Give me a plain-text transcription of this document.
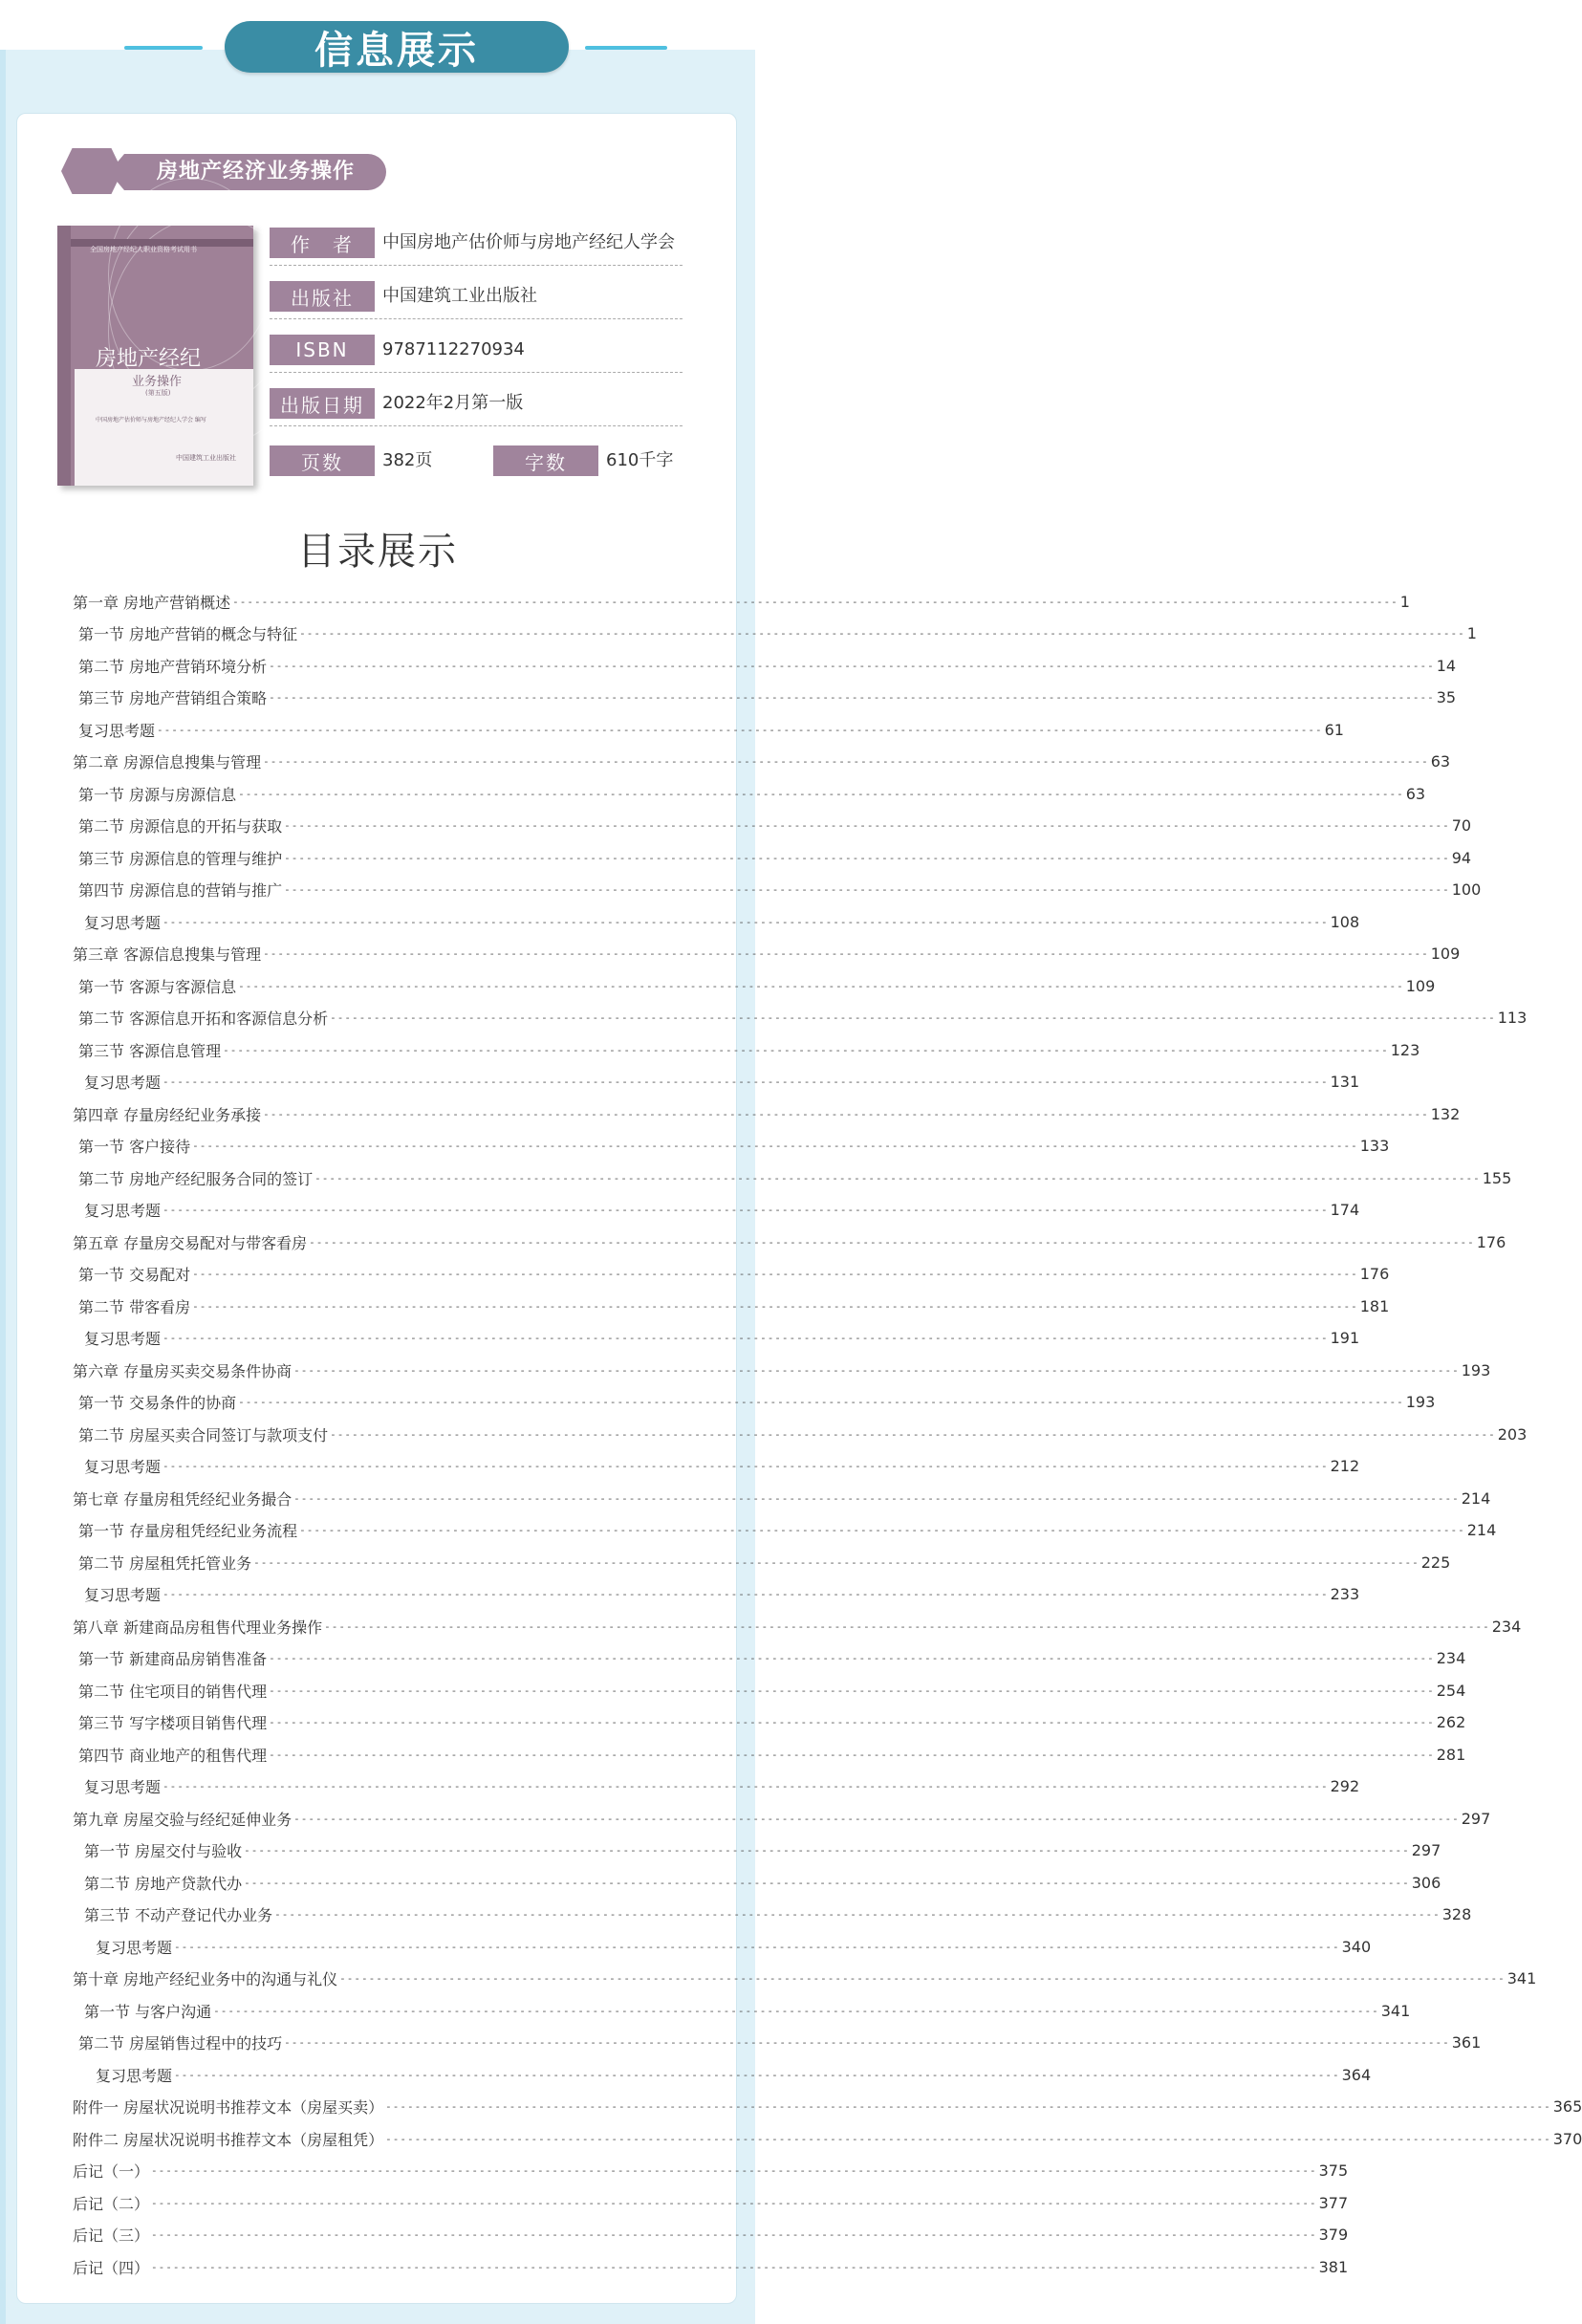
信息展示
房地产经济业务操作
全国房地产经纪人职业资格考试用书
房地产经纪
业务操作
(第五版)
中国房地产估价师与房地产经纪人学会 编写
中国建筑工业出版社
作　者	中国房地产估价师与房地产经纪人学会
出版社	中国建筑工业出版社
ISBN	9787112270934
出版日期	2022年2月第一版
页数	382页	字数	610千字
目录展示
第一章 房地产营销概述 ---------------------------------------------------------------------------------------------------------------------------------------------------------------- 1
第一节 房地产营销的概念与特征 ---------------------------------------------------------------------------------------------------------------------------------------------------------------- 1
第二节 房地产营销环境分析 ---------------------------------------------------------------------------------------------------------------------------------------------------------------- 14
第三节 房地产营销组合策略 ---------------------------------------------------------------------------------------------------------------------------------------------------------------- 35
复习思考题 ---------------------------------------------------------------------------------------------------------------------------------------------------------------- 61
第二章 房源信息搜集与管理 ---------------------------------------------------------------------------------------------------------------------------------------------------------------- 63
第一节 房源与房源信息 ---------------------------------------------------------------------------------------------------------------------------------------------------------------- 63
第二节 房源信息的开拓与获取 ---------------------------------------------------------------------------------------------------------------------------------------------------------------- 70
第三节 房源信息的管理与维护 ---------------------------------------------------------------------------------------------------------------------------------------------------------------- 94
第四节 房源信息的营销与推广 ---------------------------------------------------------------------------------------------------------------------------------------------------------------- 100
复习思考题 ---------------------------------------------------------------------------------------------------------------------------------------------------------------- 108
第三章 客源信息搜集与管理 ---------------------------------------------------------------------------------------------------------------------------------------------------------------- 109
第一节 客源与客源信息 ---------------------------------------------------------------------------------------------------------------------------------------------------------------- 109
第二节 客源信息开拓和客源信息分析 ---------------------------------------------------------------------------------------------------------------------------------------------------------------- 113
第三节 客源信息管理 ---------------------------------------------------------------------------------------------------------------------------------------------------------------- 123
复习思考题 ---------------------------------------------------------------------------------------------------------------------------------------------------------------- 131
第四章 存量房经纪业务承接 ---------------------------------------------------------------------------------------------------------------------------------------------------------------- 132
第一节 客户接待 ---------------------------------------------------------------------------------------------------------------------------------------------------------------- 133
第二节 房地产经纪服务合同的签订 ---------------------------------------------------------------------------------------------------------------------------------------------------------------- 155
复习思考题 ---------------------------------------------------------------------------------------------------------------------------------------------------------------- 174
第五章 存量房交易配对与带客看房 ---------------------------------------------------------------------------------------------------------------------------------------------------------------- 176
第一节 交易配对 ---------------------------------------------------------------------------------------------------------------------------------------------------------------- 176
第二节 带客看房 ---------------------------------------------------------------------------------------------------------------------------------------------------------------- 181
复习思考题 ---------------------------------------------------------------------------------------------------------------------------------------------------------------- 191
第六章 存量房买卖交易条件协商 ---------------------------------------------------------------------------------------------------------------------------------------------------------------- 193
第一节 交易条件的协商 ---------------------------------------------------------------------------------------------------------------------------------------------------------------- 193
第二节 房屋买卖合同签订与款项支付 ---------------------------------------------------------------------------------------------------------------------------------------------------------------- 203
复习思考题 ---------------------------------------------------------------------------------------------------------------------------------------------------------------- 212
第七章 存量房租凭经纪业务撮合 ---------------------------------------------------------------------------------------------------------------------------------------------------------------- 214
第一节 存量房租凭经纪业务流程 ---------------------------------------------------------------------------------------------------------------------------------------------------------------- 214
第二节 房屋租凭托管业务 ---------------------------------------------------------------------------------------------------------------------------------------------------------------- 225
复习思考题 ---------------------------------------------------------------------------------------------------------------------------------------------------------------- 233
第八章 新建商品房租售代理业务操作 ---------------------------------------------------------------------------------------------------------------------------------------------------------------- 234
第一节 新建商品房销售准备 ---------------------------------------------------------------------------------------------------------------------------------------------------------------- 234
第二节 住宅项目的销售代理 ---------------------------------------------------------------------------------------------------------------------------------------------------------------- 254
第三节 写字楼项目销售代理 ---------------------------------------------------------------------------------------------------------------------------------------------------------------- 262
第四节 商业地产的租售代理 ---------------------------------------------------------------------------------------------------------------------------------------------------------------- 281
复习思考题 ---------------------------------------------------------------------------------------------------------------------------------------------------------------- 292
第九章 房屋交验与经纪延伸业务 ---------------------------------------------------------------------------------------------------------------------------------------------------------------- 297
第一节 房屋交付与验收 ---------------------------------------------------------------------------------------------------------------------------------------------------------------- 297
第二节 房地产贷款代办 ---------------------------------------------------------------------------------------------------------------------------------------------------------------- 306
第三节 不动产登记代办业务 ---------------------------------------------------------------------------------------------------------------------------------------------------------------- 328
复习思考题 ---------------------------------------------------------------------------------------------------------------------------------------------------------------- 340
第十章 房地产经纪业务中的沟通与礼仪 ---------------------------------------------------------------------------------------------------------------------------------------------------------------- 341
第一节 与客户沟通 ---------------------------------------------------------------------------------------------------------------------------------------------------------------- 341
第二节 房屋销售过程中的技巧 ---------------------------------------------------------------------------------------------------------------------------------------------------------------- 361
复习思考题 ---------------------------------------------------------------------------------------------------------------------------------------------------------------- 364
附件一 房屋状况说明书推荐文本（房屋买卖） ---------------------------------------------------------------------------------------------------------------------------------------------------------------- 365
附件二 房屋状况说明书推荐文本（房屋租凭） ---------------------------------------------------------------------------------------------------------------------------------------------------------------- 370
后记（一） ---------------------------------------------------------------------------------------------------------------------------------------------------------------- 375
后记（二） ---------------------------------------------------------------------------------------------------------------------------------------------------------------- 377
后记（三） ---------------------------------------------------------------------------------------------------------------------------------------------------------------- 379
后记（四） ---------------------------------------------------------------------------------------------------------------------------------------------------------------- 381
